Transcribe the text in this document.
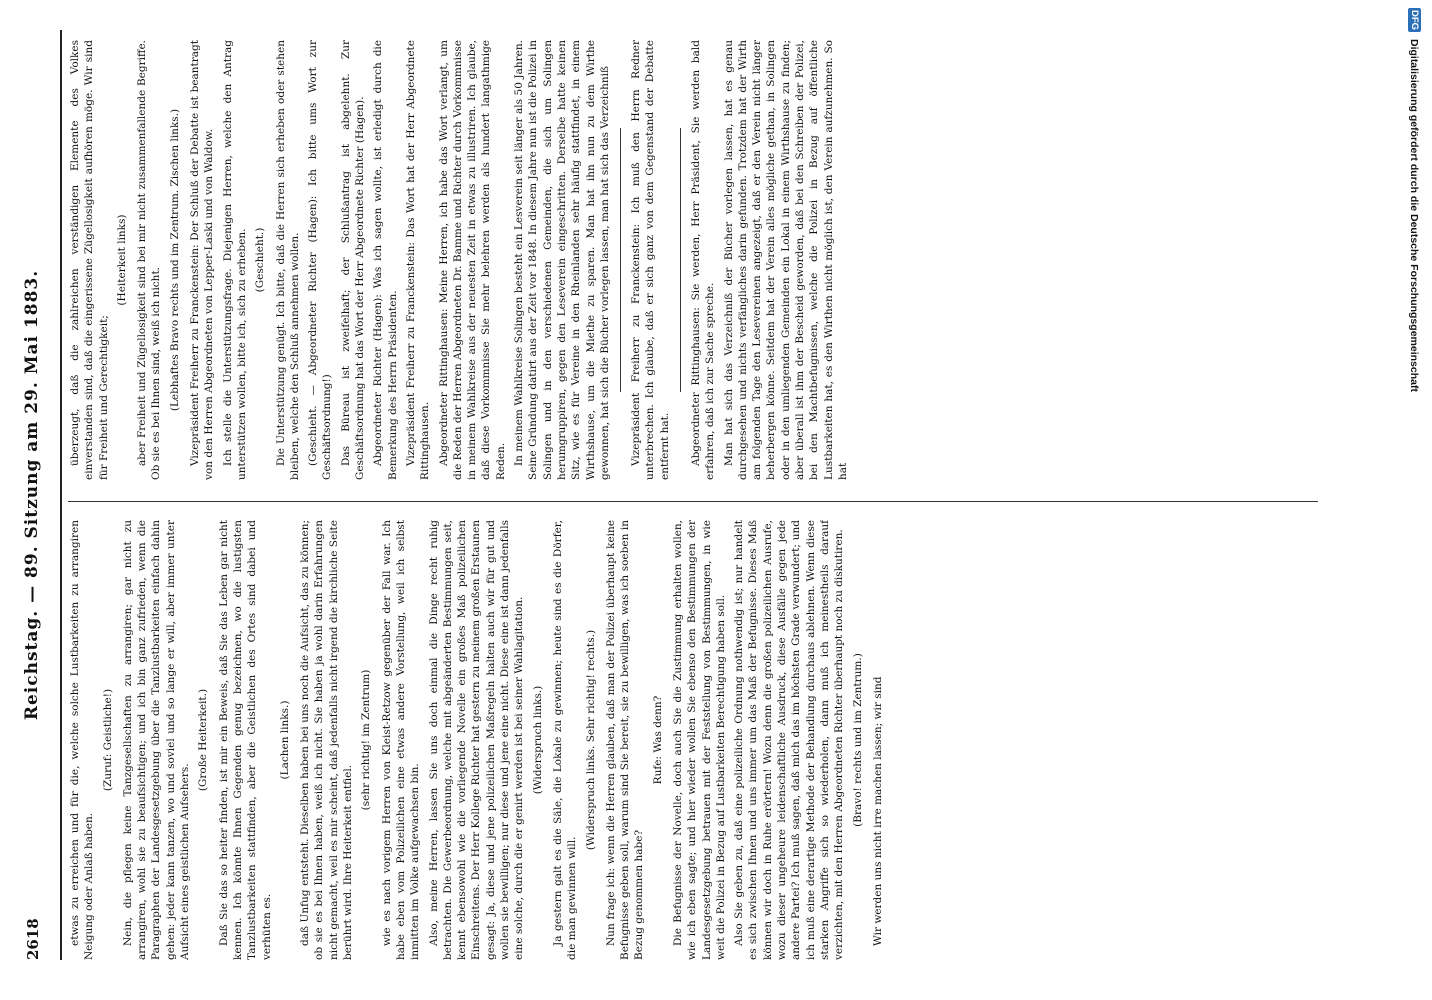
2618
Reichstag. — 89. Sitzung am 29. Mai 1883.

etwas zu erreichen und für die, welche solche Lustbarkeiten zu arrangiren Neigung oder Anlaß haben.

(Zuruf: Geistliche!) Nein, die pflegen keine Tanzgesellschaften zu arrangiren; gar nicht zu arrangiren, wohl sie zu beaufsichtigen; und ich bin ganz zufrieden, wenn die Paragraphen der Landesgesetzgebung über die Tanzlustbarkeiten einfach dahin gehen: jeder kann tanzen, wo und soviel und so lange er will, aber immer unter Aufsicht eines geistlichen Aufsehers.

(Große Heiterkeit.) Daß Sie das so heiter finden, ist mir ein Beweis, daß Sie das Leben gar nicht kennen. Ich könnte Ihnen Gegenden genug bezeichnen, wo die lustigsten Tanzlustbarkeiten stattfinden, aber die Geistlichen des Ortes sind dabei und verhüten es.

(Lachen links.) daß Unfug entsteht. Dieselben haben bei uns noch die Aufsicht, das zu können; ob sie es bei Ihnen haben, weiß ich nicht. Sie haben ja wohl darin Erfahrungen nicht gemacht, weil es mir scheint, daß jedenfalls nicht irgend die kirchliche Seite berührt wird. Ihre Heiterkeit entfiel.

(sehr richtig! im Zentrum) wie es nach vorigem Herren von Kleist-Retzow gegenüber der Fall war. Ich habe eben vom Polizeilichen eine etwas andere Vorstellung, weil ich selbst inmitten im Volke aufgewachsen bin. Also, meine Herren, lassen Sie uns doch einmal die Dinge recht ruhig betrachten. Die Gewerbeordnung, welche mit abgeänderten Bestimmungen seit, kennt ebensowohl wie die vorliegende Novelle ein großes Maß polizeilichen Einschreitens. Der Herr Kollege Richter hat gestern zu meinem großen Erstaunen gesagt: Ja, diese und jene polizeilichen Maßregeln halten auch wir für gut und wollen sie bewilligen; nur diese und jene eine nicht. Diese eine ist dann jedenfalls eine solche, durch die er genirt werden ist bei seiner Wahlagitation. (Widerspruch links.) Ja gestern galt es die Säle, die Lokale zu gewinnen; heute sind es die Dörfer, die man gewinnen will.

(Widerspruch links. Sehr richtig! rechts.) Nun frage ich: wenn die Herren glauben, daß man der Polizei überhaupt keine Befugnisse geben soll, warum sind Sie bereit, sie zu bewilligen, was ich soeben in Bezug genommen habe?

Rufe: Was denn? Die Befugnisse der Novelle, doch auch Sie die Zustimmung erhalten wollen, wie ich eben sagte; und hier wieder wollen Sie ebenso den Bestimmungen der Landesgesetzgebung betrauen mit der Feststellung von Bestimmungen, in wie weit die Polizei in Bezug auf Lustbarkeiten Berechtigung haben soll. Also Sie geben zu, daß eine polizeiliche Ordnung nothwendig ist; nur handelt es sich zwischen Ihnen und uns immer um das Maß der Befugnisse. Dieses Maß können wir doch in Ruhe erörtern! Wozu denn die großen polizeilichen Ausrufe, wozu dieser ungeheure leidenschaftliche Ausdruck, diese Ausfälle gegen jede andere Partei? Ich muß sagen, daß mich das im höchsten Grade verwundert; und ich muß eine derartige Methode der Behandlung durchaus ablehnen. Wenn diese starken Angriffe sich so wiederholen, dann muß ich meinestheils darauf verzichten, mit den Herren Abgeordneten Richter überhaupt noch zu diskutiren. (Bravo! rechts und im Zentrum.) Wir werden uns nicht irre machen lassen; wir sind

überzeugt, daß die zahlreichen verständigen Elemente des Volkes einverstanden sind, daß die eingerissene Zügellosigkeit aufhören möge. Wir sind für Freiheit und Gerechtigkeit;

(Heiterkeit links) aber Freiheit und Zügellosigkeit sind bei mir nicht zusammenfallende Begriffe. Ob sie es bei Ihnen sind, weiß ich nicht. (Lebhaftes Bravo rechts und im Zentrum. Zischen links.) Vizepräsident Freiherr zu Franckenstein: Der Schluß der Debatte ist beantragt von den Herren Abgeordneten von Lepper-Laski und von Waldow. Ich stelle die Unterstützungsfrage. Diejenigen Herren, welche den Antrag unterstützen wollen, bitte ich, sich zu erheben. (Geschieht.) Die Unterstützung genügt. Ich bitte, daß die Herren sich erheben oder stehen bleiben, welche den Schluß annehmen wollen. (Geschieht. — Abgeordneter Richter (Hagen): Ich bitte ums Wort zur Geschäftsordnung!) Das Büreau ist zweifelhaft; der Schlußantrag ist abgelehnt. Zur Geschäftsordnung hat das Wort der Herr Abgeordnete Richter (Hagen). Abgeordneter Richter (Hagen): Was ich sagen wollte, ist erledigt durch die Bemerkung des Herrn Präsidenten. Vizepräsident Freiherr zu Franckenstein: Das Wort hat der Herr Abgeordnete Rittinghausen. Abgeordneter Rittinghausen: Meine Herren, ich habe das Wort verlangt, um die Reden der Herren Abgeordneten Dr. Bamme und Richter durch Vorkommnisse in meinem Wahlkreise aus der neuesten Zeit in etwas zu illustriren. Ich glaube, daß diese Vorkommnisse Sie mehr belehren werden als hundert langathmige Reden. In meinem Wahlkreise Solingen besteht ein Lesverein seit länger als 50 Jahren. Seine Gründung datirt aus der Zeit vor 1848. In diesem Jahre nun ist die Polizei in Solingen und in den verschiedenen Gemeinden, die sich um Solingen herumgruppiren, gegen den Leseverein eingeschritten. Derselbe hatte keinen Sitz, wie es für Vereine in den Rheinlanden sehr häufig stattfindet, in einem Wirthshause, um die Miethe zu sparen. Man hat ihn nun zu dem Wirthe gewonnen, hat sich die Bücher vorlegen lassen, man hat sich das Verzeichniß Vizepräsident Freiherr zu Franckenstein: Ich muß den Herrn Redner unterbrechen. Ich glaube, daß er sich ganz von dem Gegenstand der Debatte entfernt hat. Abgeordneter Rittinghausen: Sie werden, Herr Präsident, Sie werden bald erfahren, daß ich zur Sache spreche. Man hat sich das Verzeichniß der Bücher vorlegen lassen, hat es genau durchgesehen und nichts verfängliches darin gefunden. Trotzdem hat der Wirth am folgenden Tage den Lesevereinen angezeigt, daß er den Verein nicht länger beherbergen könne. Seitdem hat der Verein alles mögliche gethan, in Solingen oder in den umliegenden Gemeinden ein Lokal in einem Wirthshause zu finden; aber überall ist ihm der Bescheid geworden, daß bei den Schreiben der Polizei, bei den Machtbefugnissen, welche die Polizei in Bezug auf öffentliche Lustbarkeiten hat, es den Wirthen nicht möglich ist, den Verein aufzunehmen. So hat

DFG Digitalisierung gefördert durch die Deutsche Forschungsgemeinschaft
